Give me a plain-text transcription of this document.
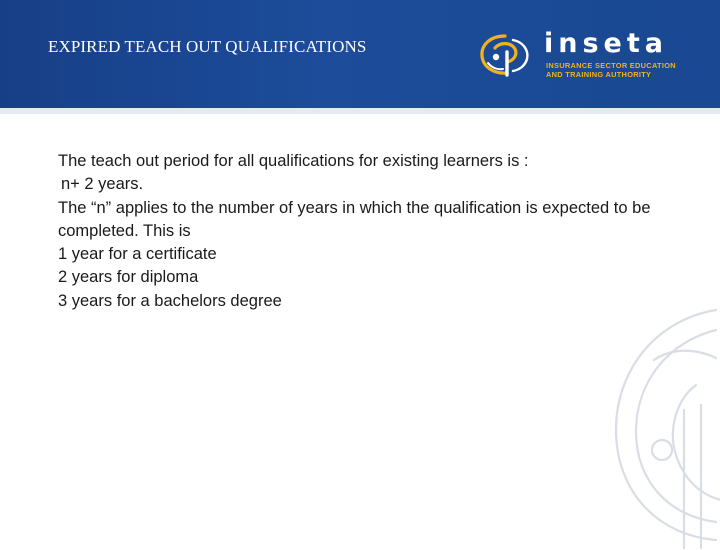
EXPIRED TEACH OUT QUALIFICATIONS	inseta
INSURANCE SECTOR EDUCATION
AND TRAINING AUTHORITY

The teach out period for all qualifications for existing learners is :

n+ 2 years.

The “n” applies to the number of years in which the qualification is expected to be completed. This is

1 year for a certificate

2 years for diploma

3 years for a bachelors degree
